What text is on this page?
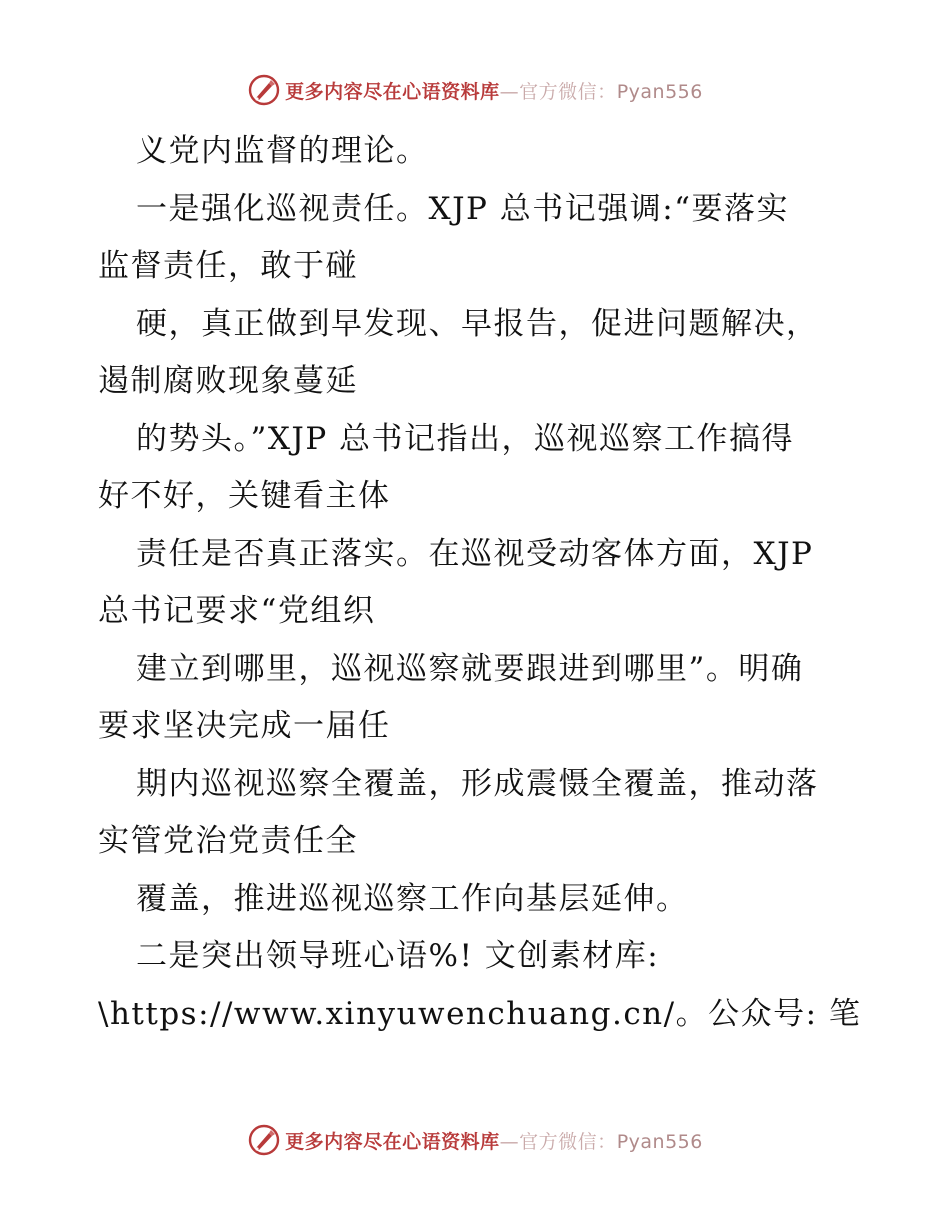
更多内容尽在心语资料库—官方微信：Pyan556
义党内监督的理论。
一是强化巡视责任。XJP 总书记强调:“要落实
监督责任，敢于碰
硬，真正做到早发现、早报告，促进问题解决，
遏制腐败现象蔓延
的势头。”XJP 总书记指出，巡视巡察工作搞得
好不好，关键看主体
责任是否真正落实。在巡视受动客体方面，XJP
总书记要求“党组织
建立到哪里，巡视巡察就要跟进到哪里”。明确
要求坚决完成一届任
期内巡视巡察全覆盖，形成震慑全覆盖，推动落
实管党治党责任全
覆盖，推进巡视巡察工作向基层延伸。
二是突出领导班心语%! 文创素材库:
\https://www.xinyuwenchuang.cn/。公众号: 笔
更多内容尽在心语资料库—官方微信：Pyan556
